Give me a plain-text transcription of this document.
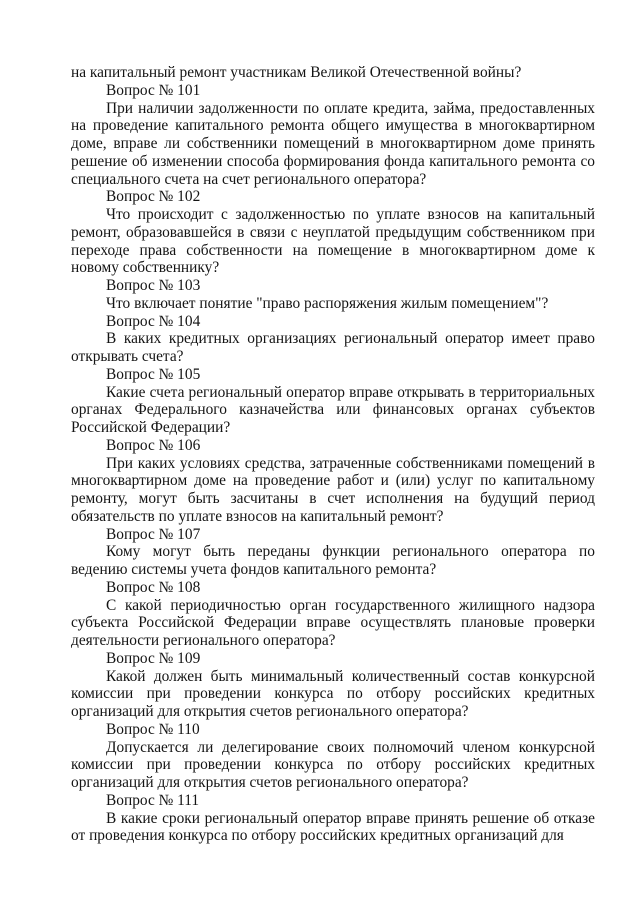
на капитальный ремонт участникам Великой Отечественной войны?

Вопрос № 101

При наличии задолженности по оплате кредита, займа, предоставленных на проведение капитального ремонта общего имущества в многоквартирном доме, вправе ли собственники помещений в многоквартирном доме принять решение об изменении способа формирования фонда капитального ремонта со специального счета на счет регионального оператора?

Вопрос № 102

Что происходит с задолженностью по уплате взносов на капитальный ремонт, образовавшейся в связи с неуплатой предыдущим собственником при переходе права собственности на помещение в многоквартирном доме к новому собственнику?

Вопрос № 103

Что включает понятие "право распоряжения жилым помещением"?

Вопрос № 104

В каких кредитных организациях региональный оператор имеет право открывать счета?

Вопрос № 105

Какие счета региональный оператор вправе открывать в территориальных органах Федерального казначейства или финансовых органах субъектов Российской Федерации?

Вопрос № 106

При каких условиях средства, затраченные собственниками помещений в многоквартирном доме на проведение работ и (или) услуг по капитальному ремонту, могут быть засчитаны в счет исполнения на будущий период обязательств по уплате взносов на капитальный ремонт?

Вопрос № 107

Кому могут быть переданы функции регионального оператора по ведению системы учета фондов капитального ремонта?

Вопрос № 108

С какой периодичностью орган государственного жилищного надзора субъекта Российской Федерации вправе осуществлять плановые проверки деятельности регионального оператора?

Вопрос № 109

Какой должен быть минимальный количественный состав конкурсной комиссии при проведении конкурса по отбору российских кредитных организаций для открытия счетов регионального оператора?

Вопрос № 110

Допускается ли делегирование своих полномочий членом конкурсной комиссии при проведении конкурса по отбору российских кредитных организаций для открытия счетов регионального оператора?

Вопрос № 111

В какие сроки региональный оператор вправе принять решение об отказе от проведения конкурса по отбору российских кредитных организаций для
